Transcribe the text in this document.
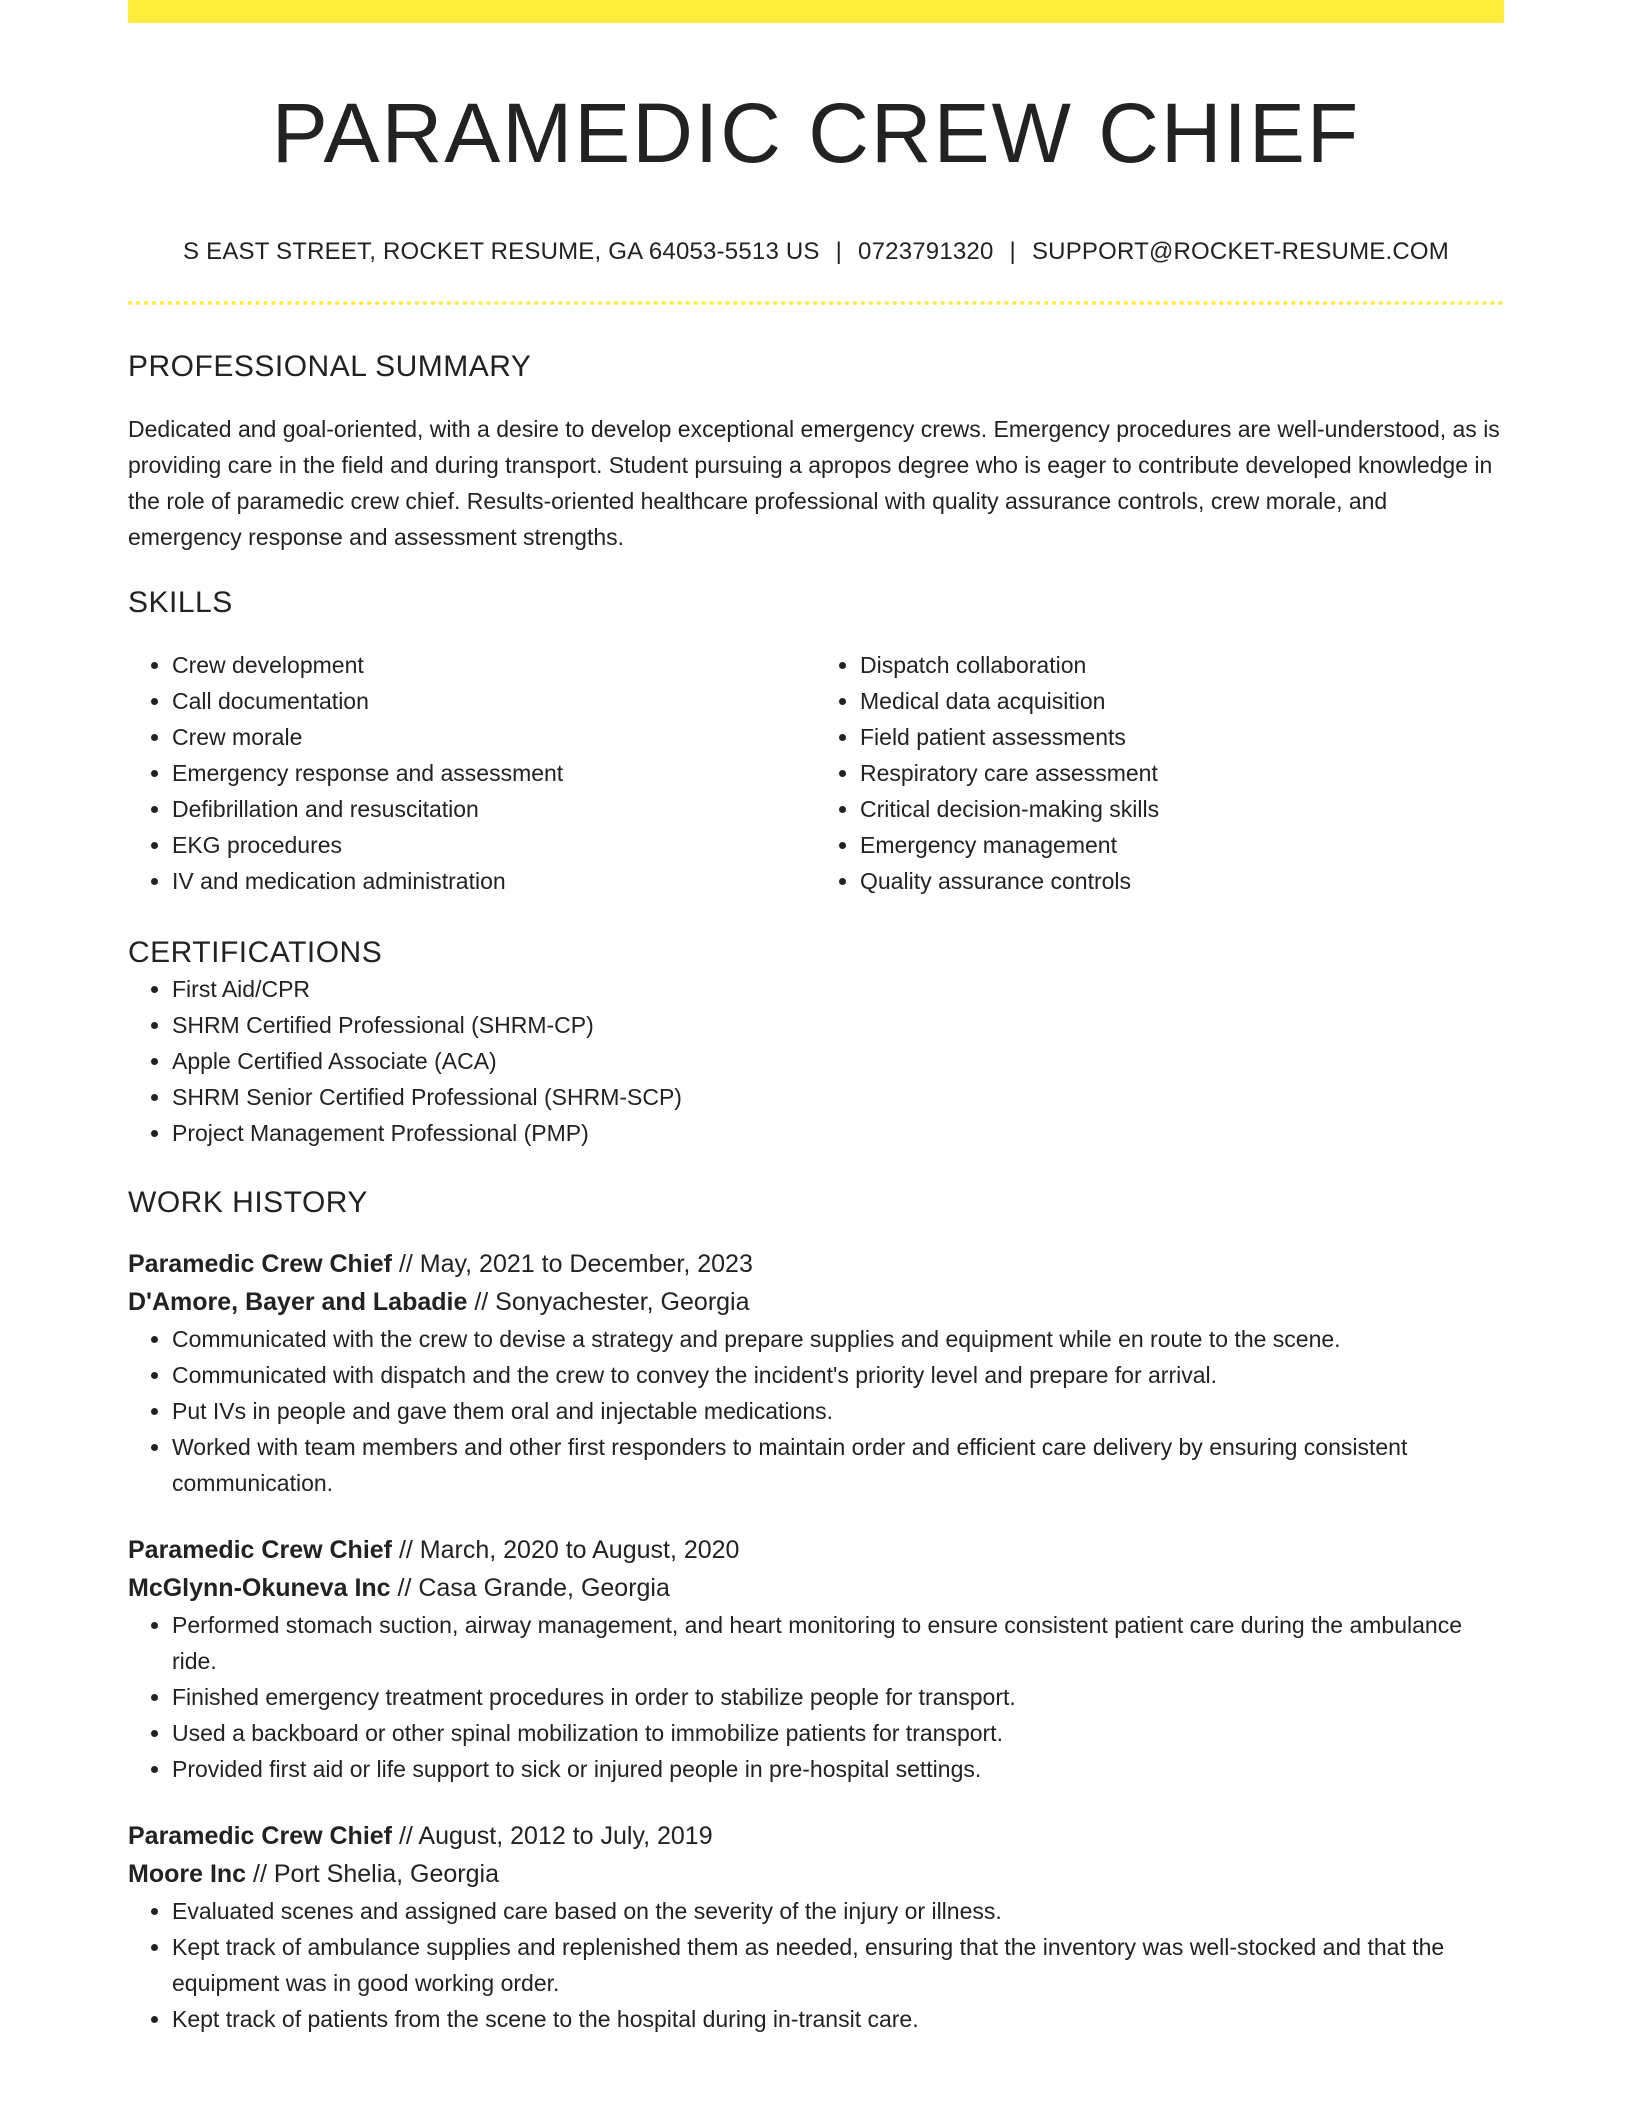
PARAMEDIC CREW CHIEF
S EAST STREET, ROCKET RESUME, GA 64053-5513 US | 0723791320 | SUPPORT@ROCKET-RESUME.COM
PROFESSIONAL SUMMARY
Dedicated and goal-oriented, with a desire to develop exceptional emergency crews. Emergency procedures are well-understood, as is providing care in the field and during transport. Student pursuing a apropos degree who is eager to contribute developed knowledge in the role of paramedic crew chief. Results-oriented healthcare professional with quality assurance controls, crew morale, and emergency response and assessment strengths.
SKILLS
• Crew development
• Call documentation
• Crew morale
• Emergency response and assessment
• Defibrillation and resuscitation
• EKG procedures
• IV and medication administration
• Dispatch collaboration
• Medical data acquisition
• Field patient assessments
• Respiratory care assessment
• Critical decision-making skills
• Emergency management
• Quality assurance controls
CERTIFICATIONS
• First Aid/CPR
• SHRM Certified Professional (SHRM-CP)
• Apple Certified Associate (ACA)
• SHRM Senior Certified Professional (SHRM-SCP)
• Project Management Professional (PMP)
WORK HISTORY
Paramedic Crew Chief // May, 2021 to December, 2023
D'Amore, Bayer and Labadie // Sonyachester, Georgia
• Communicated with the crew to devise a strategy and prepare supplies and equipment while en route to the scene.
• Communicated with dispatch and the crew to convey the incident's priority level and prepare for arrival.
• Put IVs in people and gave them oral and injectable medications.
• Worked with team members and other first responders to maintain order and efficient care delivery by ensuring consistent communication.
Paramedic Crew Chief // March, 2020 to August, 2020
McGlynn-Okuneva Inc // Casa Grande, Georgia
• Performed stomach suction, airway management, and heart monitoring to ensure consistent patient care during the ambulance ride.
• Finished emergency treatment procedures in order to stabilize people for transport.
• Used a backboard or other spinal mobilization to immobilize patients for transport.
• Provided first aid or life support to sick or injured people in pre-hospital settings.
Paramedic Crew Chief // August, 2012 to July, 2019
Moore Inc // Port Shelia, Georgia
• Evaluated scenes and assigned care based on the severity of the injury or illness.
• Kept track of ambulance supplies and replenished them as needed, ensuring that the inventory was well-stocked and that the equipment was in good working order.
• Kept track of patients from the scene to the hospital during in-transit care.
